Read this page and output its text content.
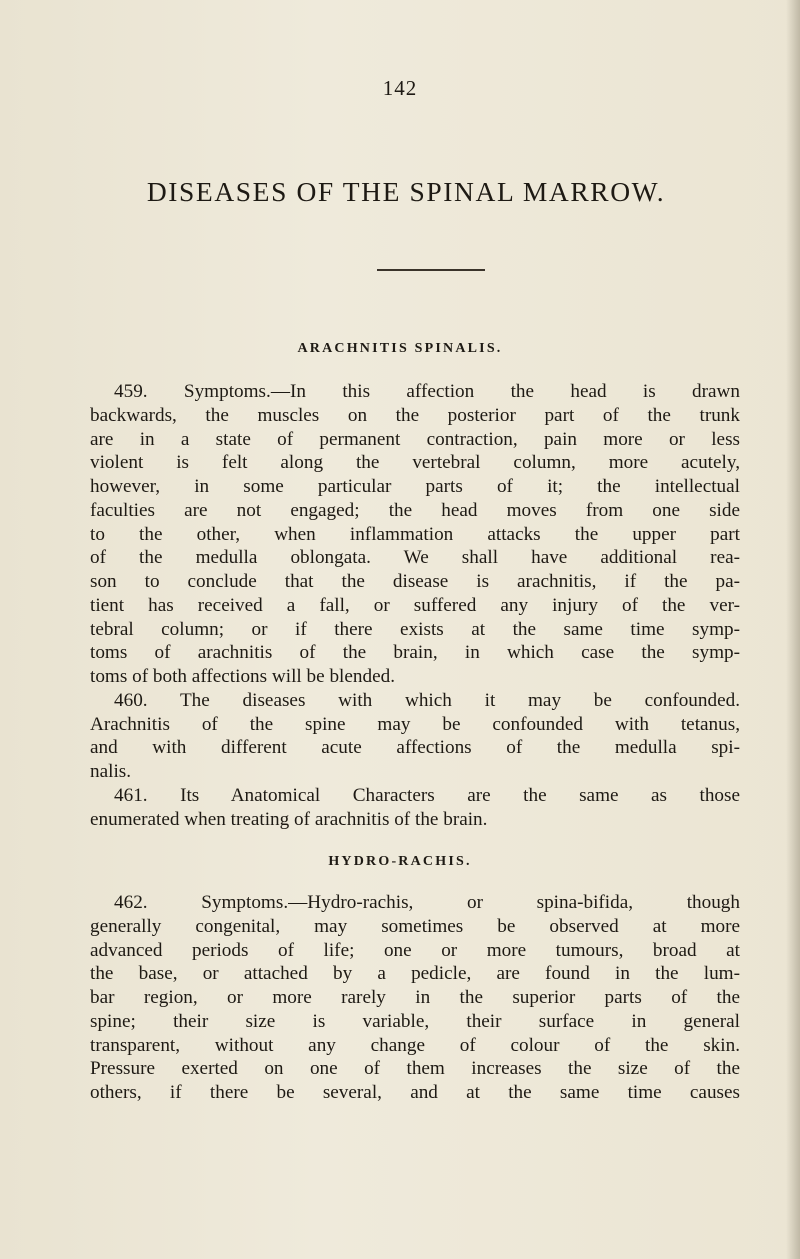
142
DISEASES OF THE SPINAL MARROW.
ARACHNITIS SPINALIS.
459. Symptoms.—In this affection the head is drawn
backwards, the muscles on the posterior part of the trunk
are in a state of permanent contraction, pain more or less
violent is felt along the vertebral column, more acutely,
however, in some particular parts of it; the intellectual
faculties are not engaged; the head moves from one side
to the other, when inflammation attacks the upper part
of the medulla oblongata. We shall have additional rea-
son to conclude that the disease is arachnitis, if the pa-
tient has received a fall, or suffered any injury of the ver-
tebral column; or if there exists at the same time symp-
toms of arachnitis of the brain, in which case the symp-
toms of both affections will be blended.
460. The diseases with which it may be confounded.
Arachnitis of the spine may be confounded with tetanus,
and with different acute affections of the medulla spi-
nalis.
461. Its Anatomical Characters are the same as those
enumerated when treating of arachnitis of the brain.
HYDRO-RACHIS.
462. Symptoms.—Hydro-rachis, or spina-bifida, though
generally congenital, may sometimes be observed at more
advanced periods of life; one or more tumours, broad at
the base, or attached by a pedicle, are found in the lum-
bar region, or more rarely in the superior parts of the
spine; their size is variable, their surface in general
transparent, without any change of colour of the skin.
Pressure exerted on one of them increases the size of the
others, if there be several, and at the same time causes
